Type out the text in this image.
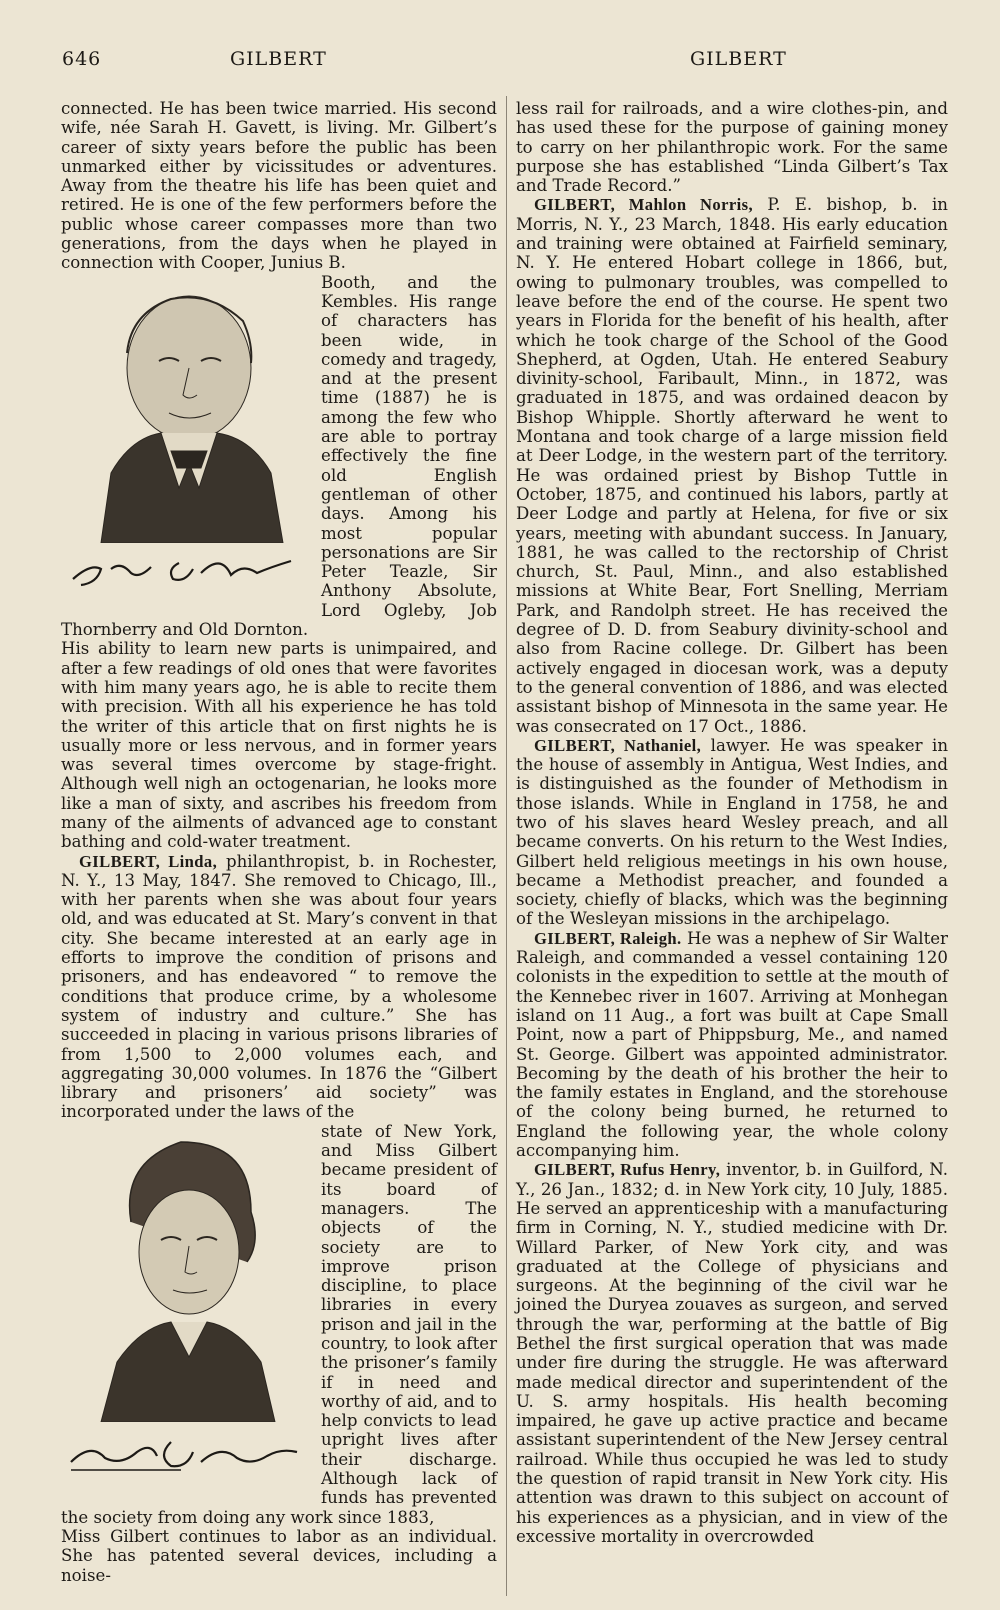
646	GILBERT	GILBERT

connected. He has been twice married. His second wife, née Sarah H. Gavett, is living. Mr. Gilbert’s career of sixty years before the public has been unmarked either by vicissitudes or adventures. Away from the theatre his life has been quiet and retired. He is one of the few performers before the public whose career compasses more than two generations, from the days when he played in connection with Cooper, Junius B.

Booth, and the Kembles. His range of characters has been wide, in comedy and tragedy, and at the present time (1887) he is among the few who are able to portray effectively the fine old English gentleman of other days. Among his most popular personations are Sir Peter Teazle, Sir Anthony Absolute, Lord Ogleby, Job Thornberry and Old Dornton.

His ability to learn new parts is unimpaired, and after a few readings of old ones that were favorites with him many years ago, he is able to recite them with precision. With all his experience he has told the writer of this article that on first nights he is usually more or less nervous, and in former years was several times overcome by stage-fright. Although well nigh an octogenarian, he looks more like a man of sixty, and ascribes his freedom from many of the ailments of advanced age to constant bathing and cold-water treatment.

GILBERT, Linda, philanthropist, b. in Rochester, N. Y., 13 May, 1847. She removed to Chicago, Ill., with her parents when she was about four years old, and was educated at St. Mary’s convent in that city. She became interested at an early age in efforts to improve the condition of prisons and prisoners, and has endeavored “ to remove the conditions that produce crime, by a wholesome system of industry and culture.” She has succeeded in placing in various prisons libraries of from 1,500 to 2,000 volumes each, and aggregating 30,000 volumes. In 1876 the “Gilbert library and prisoners’ aid society” was incorporated under the laws of the

state of New York, and Miss Gilbert became president of its board of managers. The objects of the society are to improve prison discipline, to place libraries in every prison and jail in the country, to look after the prisoner’s family if in need and worthy of aid, and to help convicts to lead upright lives after their discharge. Although lack of funds has prevented the society from doing any work since 1883,

Miss Gilbert continues to labor as an individual. She has patented several devices, including a noise-

less rail for railroads, and a wire clothes-pin, and has used these for the purpose of gaining money to carry on her philanthropic work. For the same purpose she has established “Linda Gilbert’s Tax and Trade Record.”

GILBERT, Mahlon Norris, P. E. bishop, b. in Morris, N. Y., 23 March, 1848. His early education and training were obtained at Fairfield seminary, N. Y. He entered Hobart college in 1866, but, owing to pulmonary troubles, was compelled to leave before the end of the course. He spent two years in Florida for the benefit of his health, after which he took charge of the School of the Good Shepherd, at Ogden, Utah. He entered Seabury divinity-school, Faribault, Minn., in 1872, was graduated in 1875, and was ordained deacon by Bishop Whipple. Shortly afterward he went to Montana and took charge of a large mission field at Deer Lodge, in the western part of the territory. He was ordained priest by Bishop Tuttle in October, 1875, and continued his labors, partly at Deer Lodge and partly at Helena, for five or six years, meeting with abundant success. In January, 1881, he was called to the rectorship of Christ church, St. Paul, Minn., and also established missions at White Bear, Fort Snelling, Merriam Park, and Randolph street. He has received the degree of D. D. from Seabury divinity-school and also from Racine college. Dr. Gilbert has been actively engaged in diocesan work, was a deputy to the general convention of 1886, and was elected assistant bishop of Minnesota in the same year. He was consecrated on 17 Oct., 1886.

GILBERT, Nathaniel, lawyer. He was speaker in the house of assembly in Antigua, West Indies, and is distinguished as the founder of Methodism in those islands. While in England in 1758, he and two of his slaves heard Wesley preach, and all became converts. On his return to the West Indies, Gilbert held religious meetings in his own house, became a Methodist preacher, and founded a society, chiefly of blacks, which was the beginning of the Wesleyan missions in the archipelago.

GILBERT, Raleigh. He was a nephew of Sir Walter Raleigh, and commanded a vessel containing 120 colonists in the expedition to settle at the mouth of the Kennebec river in 1607. Arriving at Monhegan island on 11 Aug., a fort was built at Cape Small Point, now a part of Phippsburg, Me., and named St. George. Gilbert was appointed administrator. Becoming by the death of his brother the heir to the family estates in England, and the storehouse of the colony being burned, he returned to England the following year, the whole colony accompanying him.

GILBERT, Rufus Henry, inventor, b. in Guilford, N. Y., 26 Jan., 1832; d. in New York city, 10 July, 1885. He served an apprenticeship with a manufacturing firm in Corning, N. Y., studied medicine with Dr. Willard Parker, of New York city, and was graduated at the College of physicians and surgeons. At the beginning of the civil war he joined the Duryea zouaves as surgeon, and served through the war, performing at the battle of Big Bethel the first surgical operation that was made under fire during the struggle. He was afterward made medical director and superintendent of the U. S. army hospitals. His health becoming impaired, he gave up active practice and became assistant superintendent of the New Jersey central railroad. While thus occupied he was led to study the question of rapid transit in New York city. His attention was drawn to this subject on account of his experiences as a physician, and in view of the excessive mortality in overcrowded
